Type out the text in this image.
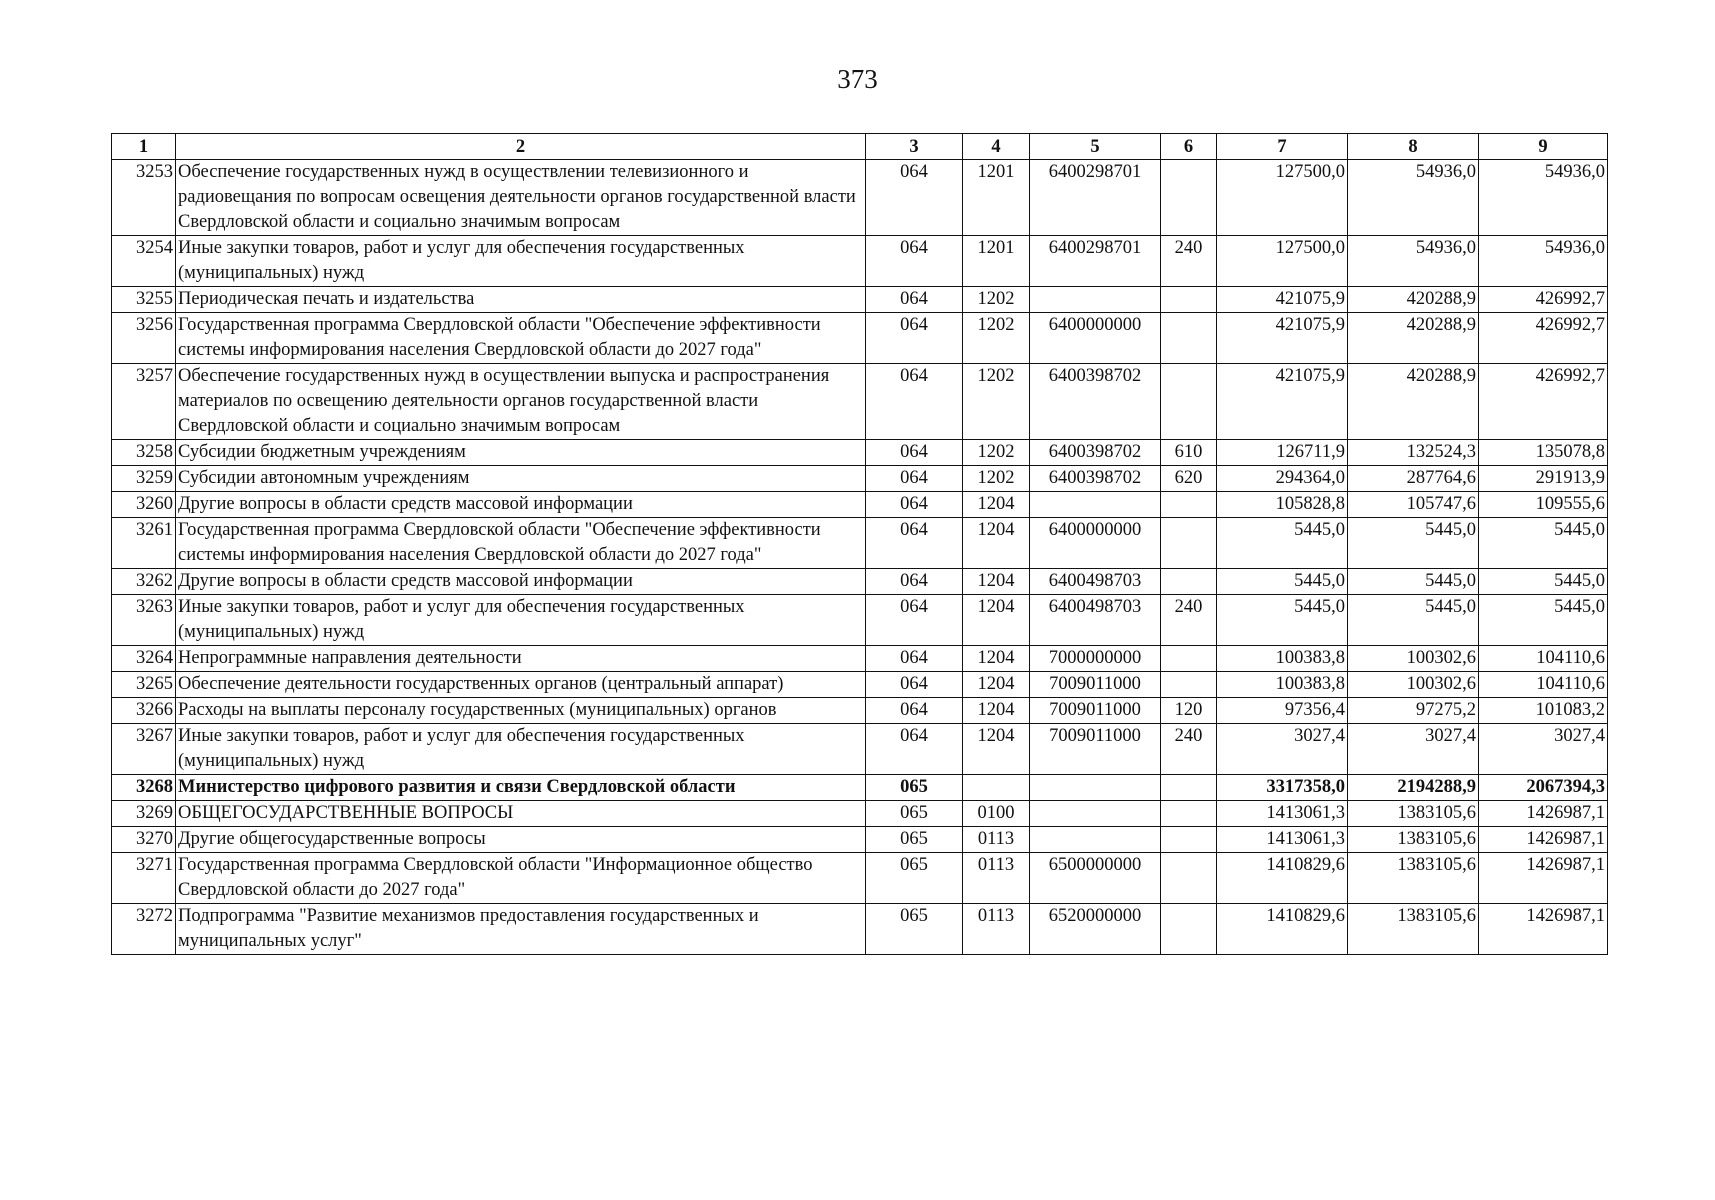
373
1	2	3	4	5	6	7	8	9
3253	Обеспечение государственных нужд в осуществлении телевизионного и радиовещания по вопросам освещения деятельности органов государственной власти Свердловской области и социально значимым вопросам	064	1201	6400298701		127500,0	54936,0	54936,0
3254	Иные закупки товаров, работ и услуг для обеспечения государственных (муниципальных) нужд	064	1201	6400298701	240	127500,0	54936,0	54936,0
3255	Периодическая печать и издательства	064	1202			421075,9	420288,9	426992,7
3256	Государственная программа Свердловской области "Обеспечение эффективности системы информирования населения Свердловской области до 2027 года"	064	1202	6400000000		421075,9	420288,9	426992,7
3257	Обеспечение государственных нужд в осуществлении выпуска и распространения материалов по освещению деятельности органов государственной власти Свердловской области и социально значимым вопросам	064	1202	6400398702		421075,9	420288,9	426992,7
3258	Субсидии бюджетным учреждениям	064	1202	6400398702	610	126711,9	132524,3	135078,8
3259	Субсидии автономным учреждениям	064	1202	6400398702	620	294364,0	287764,6	291913,9
3260	Другие вопросы в области средств массовой информации	064	1204			105828,8	105747,6	109555,6
3261	Государственная программа Свердловской области "Обеспечение эффективности системы информирования населения Свердловской области до 2027 года"	064	1204	6400000000		5445,0	5445,0	5445,0
3262	Другие вопросы в области средств массовой информации	064	1204	6400498703		5445,0	5445,0	5445,0
3263	Иные закупки товаров, работ и услуг для обеспечения государственных (муниципальных) нужд	064	1204	6400498703	240	5445,0	5445,0	5445,0
3264	Непрограммные направления деятельности	064	1204	7000000000		100383,8	100302,6	104110,6
3265	Обеспечение деятельности государственных органов (центральный аппарат)	064	1204	7009011000		100383,8	100302,6	104110,6
3266	Расходы на выплаты персоналу государственных (муниципальных) органов	064	1204	7009011000	120	97356,4	97275,2	101083,2
3267	Иные закупки товаров, работ и услуг для обеспечения государственных (муниципальных) нужд	064	1204	7009011000	240	3027,4	3027,4	3027,4
3268	Министерство цифрового развития и связи Свердловской области	065				3317358,0	2194288,9	2067394,3
3269	ОБЩЕГОСУДАРСТВЕННЫЕ ВОПРОСЫ	065	0100			1413061,3	1383105,6	1426987,1
3270	Другие общегосударственные вопросы	065	0113			1413061,3	1383105,6	1426987,1
3271	Государственная программа Свердловской области "Информационное общество Свердловской области до 2027 года"	065	0113	6500000000		1410829,6	1383105,6	1426987,1
3272	Подпрограмма "Развитие механизмов предоставления государственных и муниципальных услуг"	065	0113	6520000000		1410829,6	1383105,6	1426987,1
